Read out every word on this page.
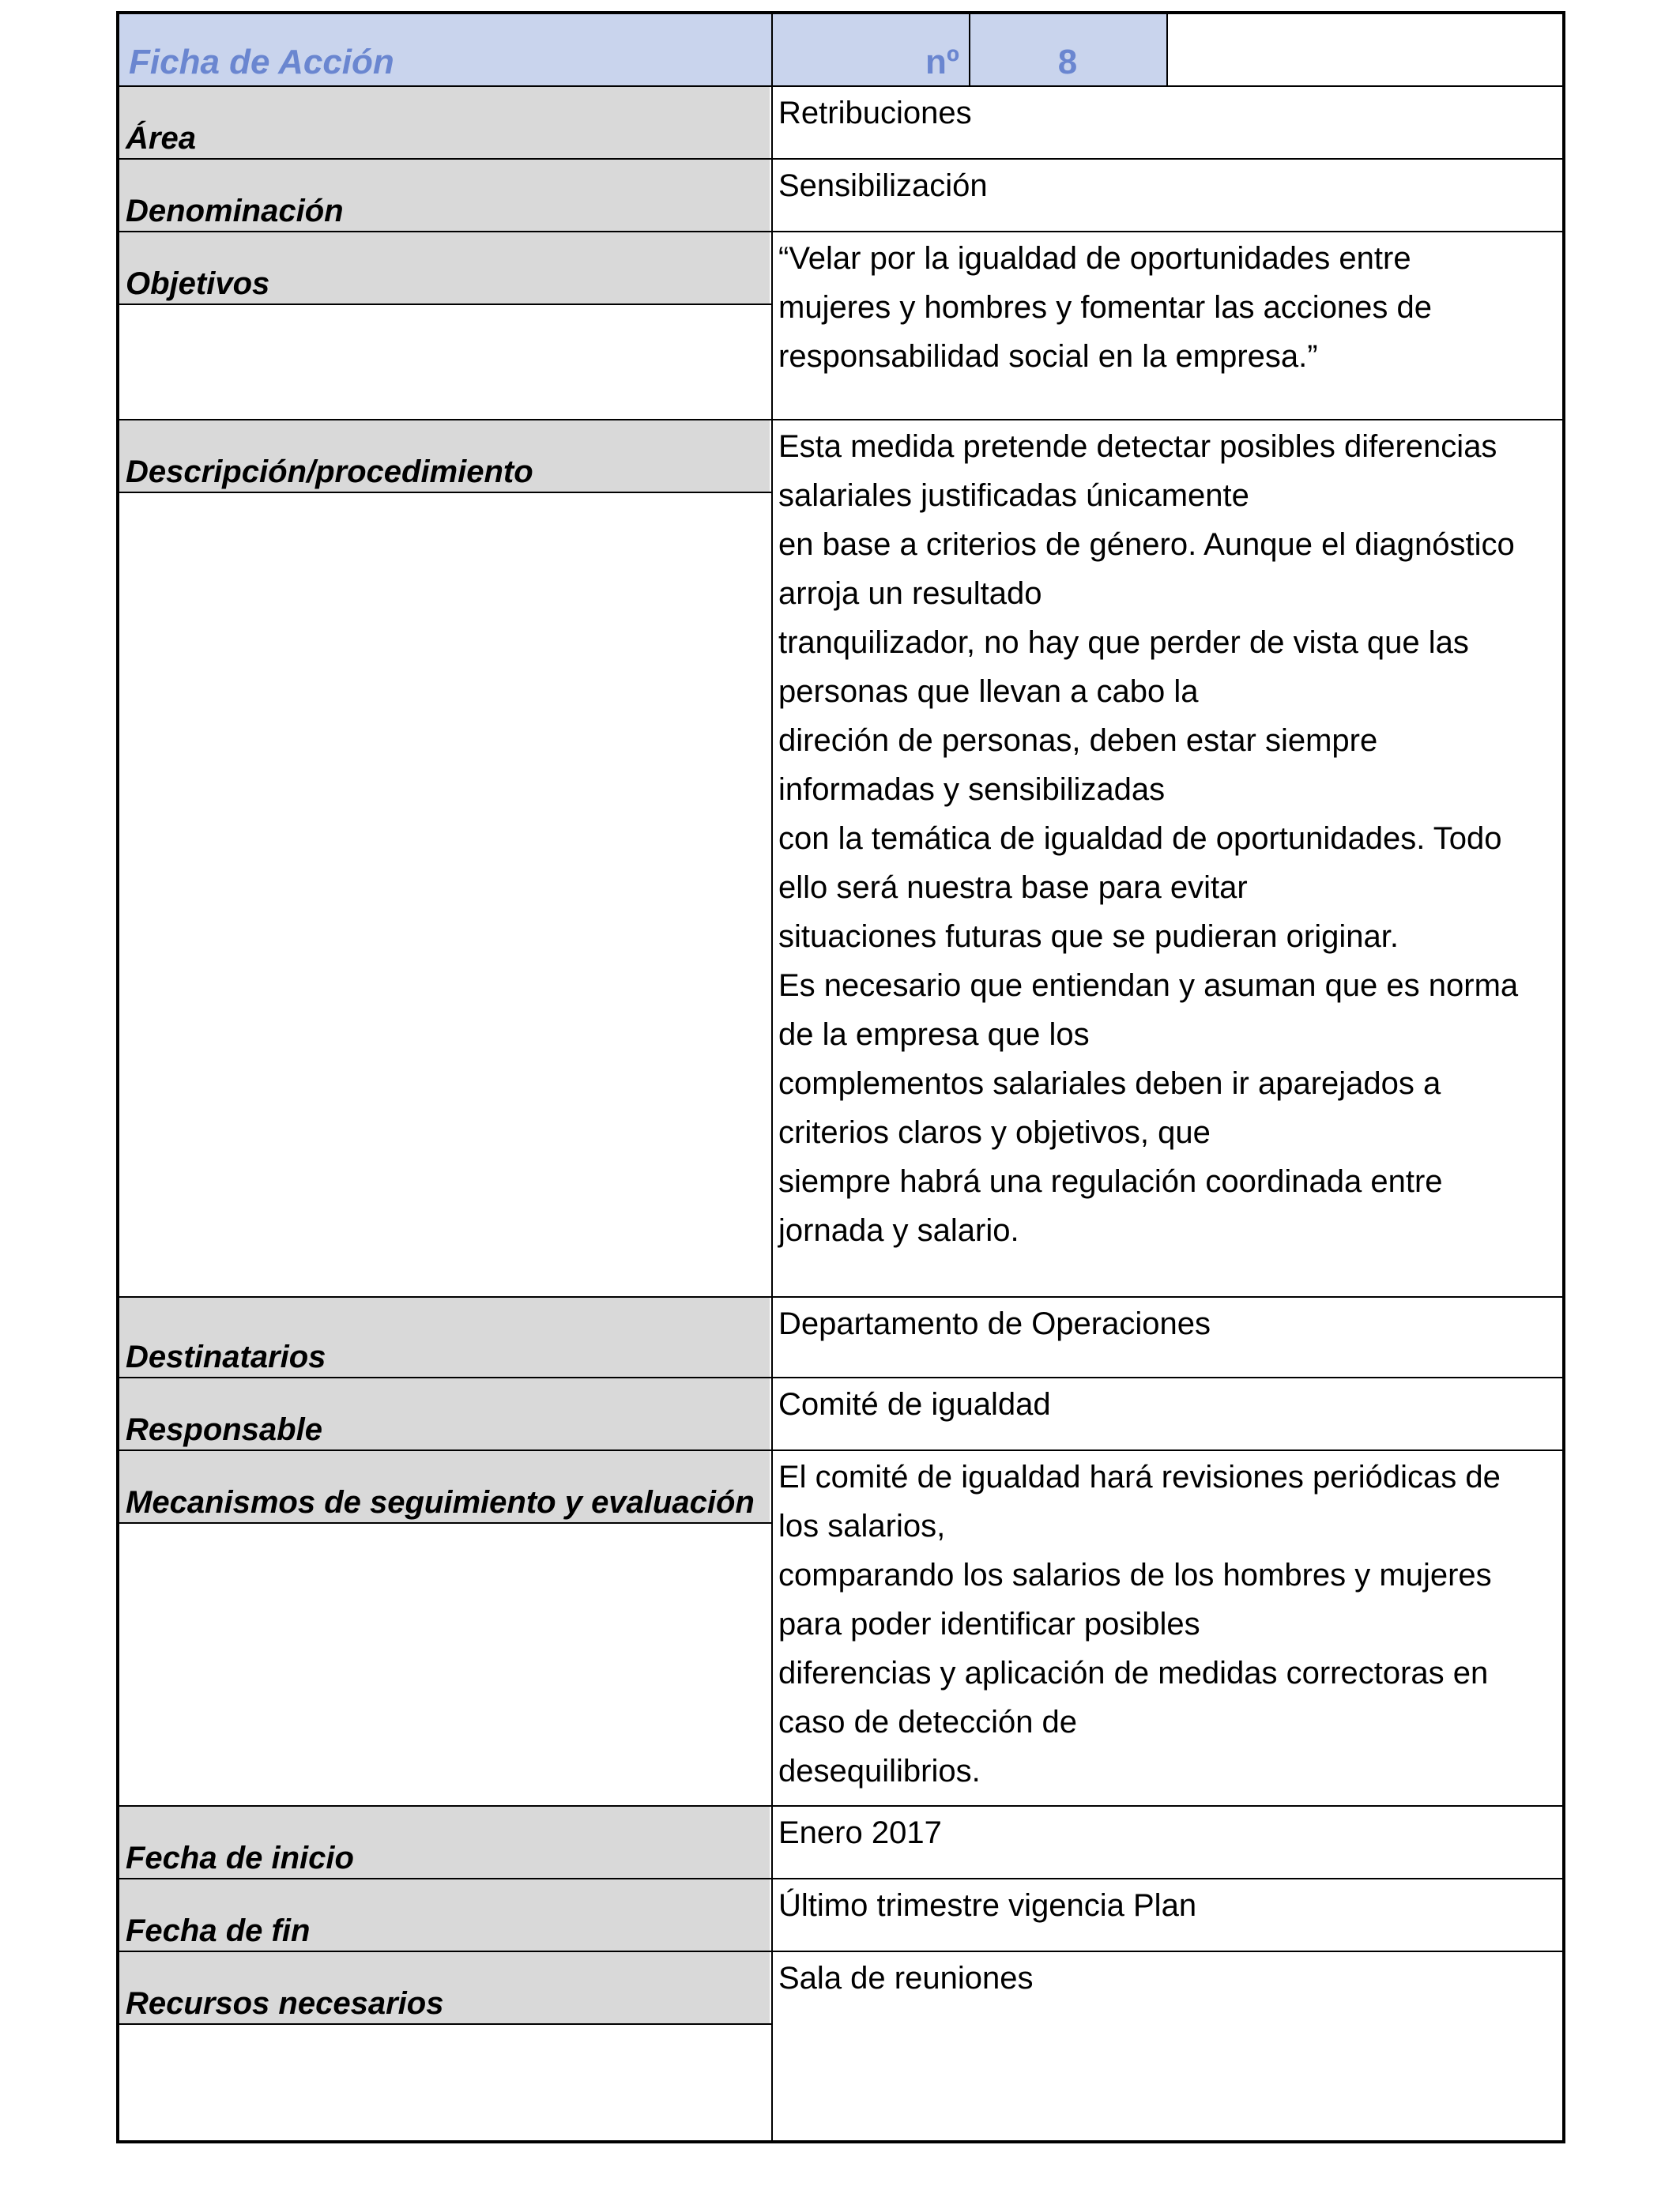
Ficha de Acción	nº	8
Área
Retribuciones
Denominación
Sensibilización
Objetivos
“Velar por la igualdad de oportunidades entre
mujeres y hombres y fomentar las acciones de
responsabilidad social en la empresa.”
Descripción/procedimiento
Esta medida pretende detectar posibles diferencias
salariales justificadas únicamente
en base a criterios de género. Aunque el diagnóstico
arroja un resultado
tranquilizador, no hay que perder de vista que las
personas que llevan a cabo la
direción de personas, deben estar siempre
informadas y sensibilizadas
con la temática de igualdad de oportunidades. Todo
ello será nuestra base para evitar
situaciones futuras que se pudieran originar.
Es necesario que entiendan y asuman que es norma
de la empresa que los
complementos salariales deben ir aparejados a
criterios claros y objetivos, que
siempre habrá una regulación coordinada entre
jornada y salario.
Destinatarios
Departamento de Operaciones
Responsable
Comité de igualdad
Mecanismos de seguimiento y evaluación
El comité de igualdad hará revisiones periódicas de
los salarios,
comparando los salarios de los hombres y mujeres
para poder identificar posibles
diferencias y aplicación de medidas correctoras en
caso de detección de
desequilibrios.
Fecha de inicio
Enero 2017
Fecha de fin
Último trimestre vigencia Plan
Recursos necesarios
Sala de reuniones
